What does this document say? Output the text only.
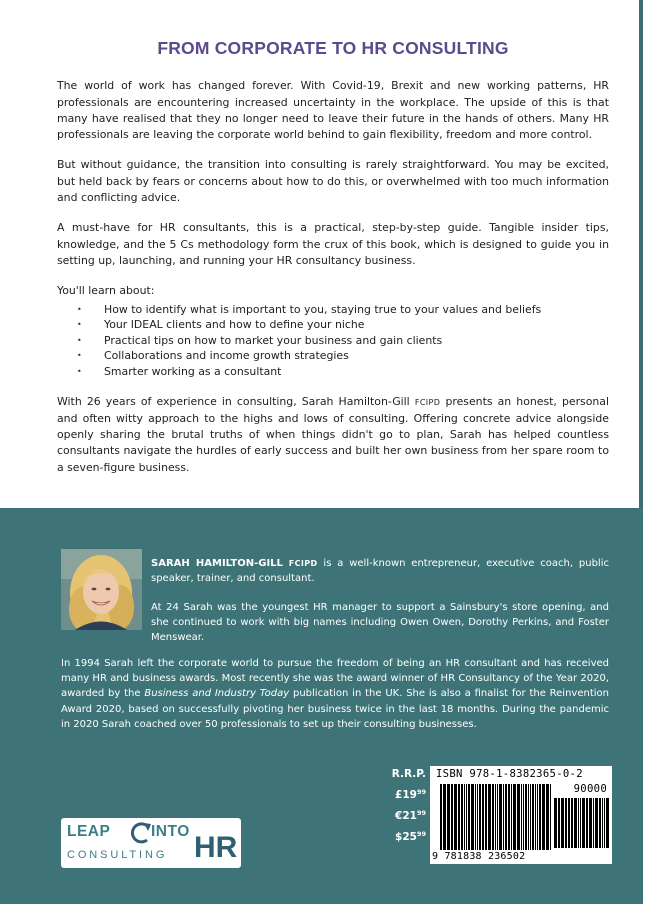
FROM CORPORATE TO HR CONSULTING

The world of work has changed forever. With Covid-19, Brexit and new working patterns, HR professionals are encountering increased uncertainty in the workplace. The upside of this is that many have realised that they no longer need to leave their future in the hands of others. Many HR professionals are leaving the corporate world behind to gain flexibility, freedom and more control.

But without guidance, the transition into consulting is rarely straightforward. You may be excited, but held back by fears or concerns about how to do this, or overwhelmed with too much information and conflicting advice.

A must-have for HR consultants, this is a practical, step-by-step guide. Tangible insider tips, knowledge, and the 5 Cs methodology form the crux of this book, which is designed to guide you in setting up, launching, and running your HR consultancy business.

You'll learn about:

• How to identify what is important to you, staying true to your values and beliefs
• Your IDEAL clients and how to define your niche
• Practical tips on how to market your business and gain clients
• Collaborations and income growth strategies
• Smarter working as a consultant

With 26 years of experience in consulting, Sarah Hamilton-Gill FCIPD presents an honest, personal and often witty approach to the highs and lows of consulting. Offering concrete advice alongside openly sharing the brutal truths of when things didn't go to plan, Sarah has helped countless consultants navigate the hurdles of early success and built her own business from her spare room to a seven-figure business.

SARAH HAMILTON-GILL FCIPD is a well-known entrepreneur, executive coach, public speaker, trainer, and consultant.

At 24 Sarah was the youngest HR manager to support a Sainsbury's store opening, and she continued to work with big names including Owen Owen, Dorothy Perkins, and Foster Menswear.

In 1994 Sarah left the corporate world to pursue the freedom of being an HR consultant and has received many HR and business awards. Most recently she was the award winner of HR Consultancy of the Year 2020, awarded by the Business and Industry Today publication in the UK. She is also a finalist for the Reinvention Award 2020, based on successfully pivoting her business twice in the last 18 months. During the pandemic in 2020 Sarah coached over 50 professionals to set up their consulting businesses.

R.R.P.
$£19^{99}$
$€21^{99}$
$\$25^{99}$
ISBN 978-1-8382365-0-2
90000
9 781838 236502
LEAP	INTO HR
CONSULTING
